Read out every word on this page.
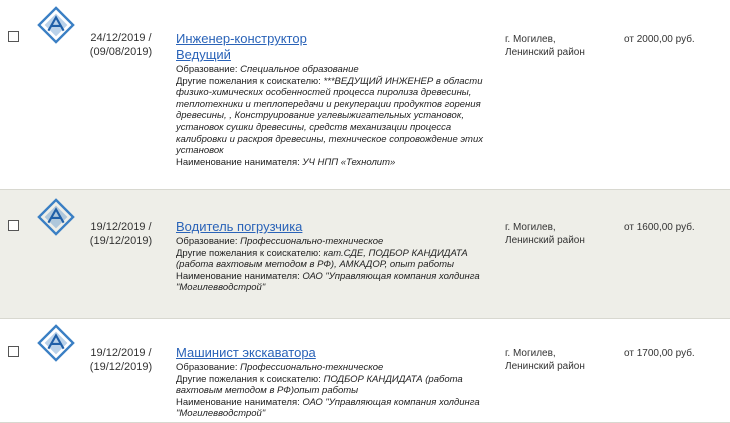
24/12/2019 /
(09/08/2019)
Инженер-конструктор
Ведущий
Образование: Специальное образование
Другие пожелания к соискателю: ***ВЕДУЩИЙ ИНЖЕНЕР в области физико-химических особенностей процесса пиролиза древесины, теплотехники и теплопередачи и рекуперации продуктов горения древесины, , Конструирование углевыжигательных установок, установок сушки древесины, средств механизации процесса калибровки и раскроя древесины, техническое сопровождение этих установок
Наименование нанимателя: УЧ НПП «Технолит»
г. Могилев,
Ленинский район
от 2000,00 руб.
19/12/2019 /
(19/12/2019)
Водитель погрузчика
Образование: Профессионально-техническое
Другие пожелания к соискателю: кат.СДЕ, ПОДБОР КАНДИДАТА (работа вахтовым методом в РФ), АМКАДОР, опыт работы
Наименование нанимателя: ОАО "Управляющая компания холдинга "Могилевводстрой"
г. Могилев,
Ленинский район
от 1600,00 руб.
19/12/2019 /
(19/12/2019)
Машинист экскаватора
Образование: Профессионально-техническое
Другие пожелания к соискателю: ПОДБОР КАНДИДАТА (работа вахтовым методом в РФ)опыт работы
Наименование нанимателя: ОАО "Управляющая компания холдинга "Могилевводстрой"
г. Могилев,
Ленинский район
от 1700,00 руб.
